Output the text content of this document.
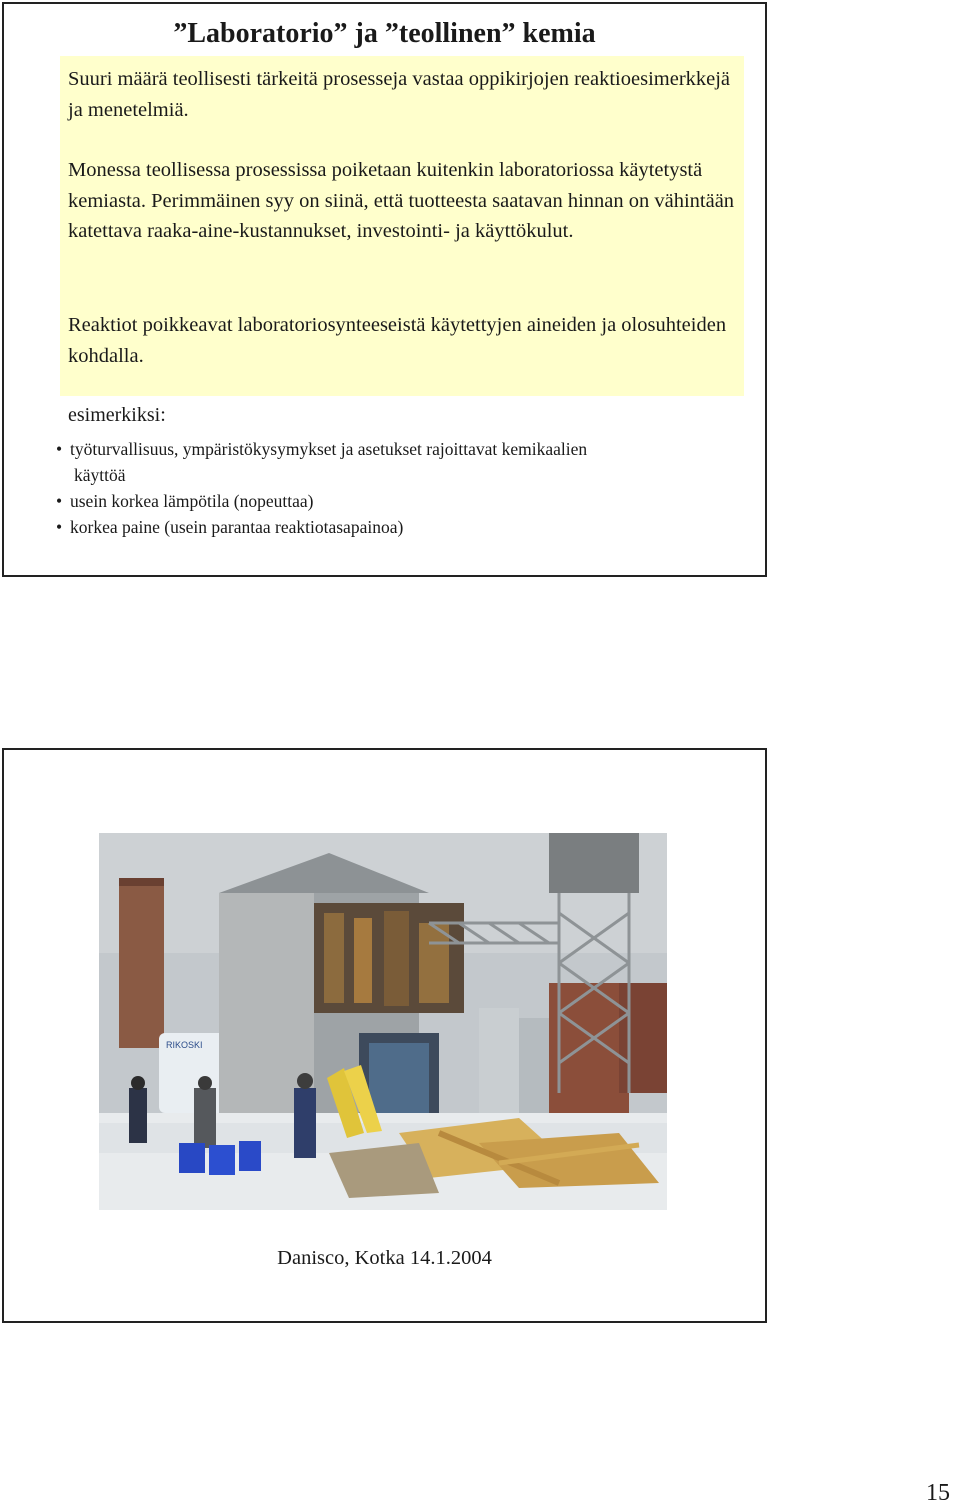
”Laboratorio” ja ”teollinen” kemia
Suuri määrä teollisesti tärkeitä prosesseja vastaa oppikirjojen reaktioesimerkkejä ja menetelmiä.
Monessa teollisessa prosessissa poiketaan kuitenkin laboratoriossa käytetystä kemiasta. Perimmäinen syy on siinä, että tuotteesta saatavan hinnan on vähintään katettava raaka-aine-kustannukset, investointi- ja käyttökulut.
Reaktiot poikkeavat laboratoriosynteeseistä käytettyjen aineiden ja olosuhteiden kohdalla.
esimerkiksi:
• työturvallisuus, ympäristökysymykset ja asetukset rajoittavat kemikaalien
käyttöä
• usein korkea lämpötila (nopeuttaa)
• korkea paine (usein parantaa reaktiotasapainoa)
RIKOSKI
Danisco, Kotka 14.1.2004
15
